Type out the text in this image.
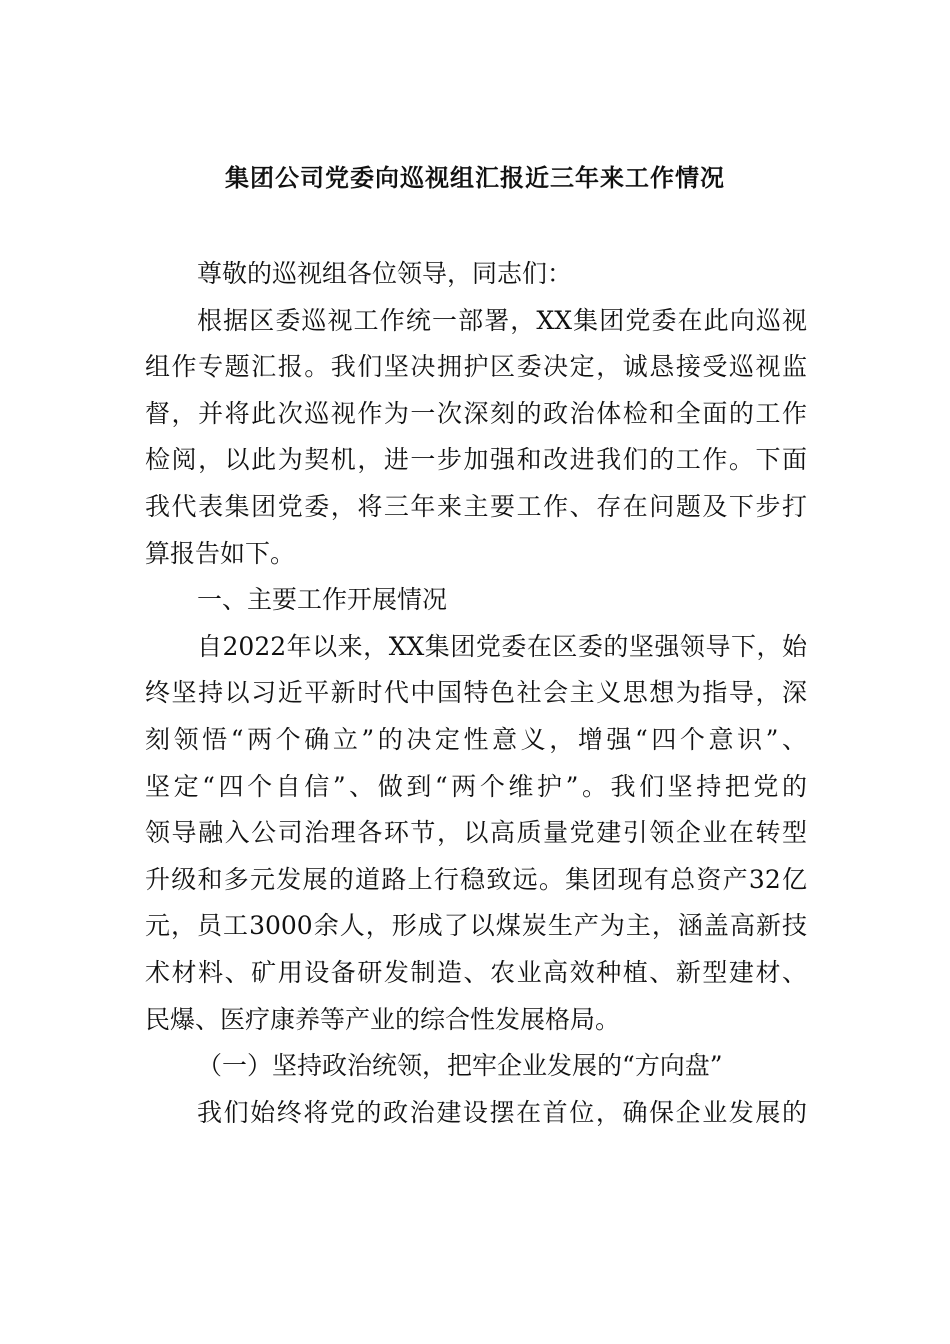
集团公司党委向巡视组汇报近三年来工作情况
尊敬的巡视组各位领导，同志们：
根据区委巡视工作统一部署，XX集团党委在此向巡视
组作专题汇报。我们坚决拥护区委决定，诚恳接受巡视监
督，并将此次巡视作为一次深刻的政治体检和全面的工作
检阅，以此为契机，进一步加强和改进我们的工作。下面
我代表集团党委，将三年来主要工作、存在问题及下步打
算报告如下。
一、主要工作开展情况
自2022年以来，XX集团党委在区委的坚强领导下，始
终坚持以习近平新时代中国特色社会主义思想为指导，深
刻领悟“两个确立”的决定性意义，增强“四个意识”、
坚定“四个自信”、做到“两个维护”。我们坚持把党的
领导融入公司治理各环节，以高质量党建引领企业在转型
升级和多元发展的道路上行稳致远。集团现有总资产32亿
元，员工3000余人，形成了以煤炭生产为主，涵盖高新技
术材料、矿用设备研发制造、农业高效种植、新型建材、
民爆、医疗康养等产业的综合性发展格局。
（一）坚持政治统领，把牢企业发展的“方向盘”
我们始终将党的政治建设摆在首位，确保企业发展的
